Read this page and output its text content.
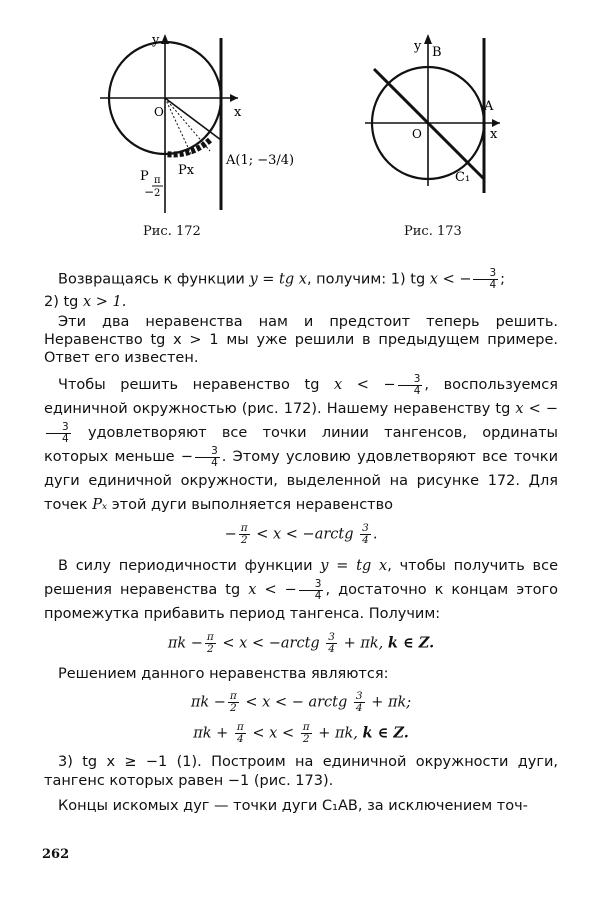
y
x
O
A(1; −3/4)
Px
P π
− 2
Рис. 172
y B
A
x
O
C₁
Рис. 173

Возвращаясь к функции y = tg x, получим: 1) tg x < − $\frac{3}{4}$ ;
2) tg x > 1.

Эти два неравенства нам и предстоит теперь решить. Неравенство tg x > 1 мы уже решили в предыдущем примере. Ответ его известен.

Чтобы решить неравенство tg x < − $\frac{3}{4}$ , воспользуемся единичной окружностью (рис. 172). Нашему неравенству tg x < −
$\frac{3}{4}$ удовлетворяют все точки линии тангенсов, ординаты которых меньше − $\frac{3}{4}$ . Этому условию удовлетворяют все точки дуги единичной окружности, выделенной на рисунке 172. Для точек Pₓ этой дуги выполняется неравенство

− $\frac{\pi}{2} < x$ < −arctg $\frac{3}{4}$ .

В силу периодичности функции y = tg x, чтобы получить все решения неравенства tg x < − $\frac{3}{4}$ , достаточно к концам этого промежутка прибавить период тангенса. Получим:

$\pi k - \frac{\pi}{2} < x$ < −arctg $\frac{3}{4} + \pi k$, k ∈ Z.

Решением данного неравенства являются:

$\pi k - \frac{\pi}{2} < x$ < − arctg $\frac{3}{4} + \pi k$;
$\pi k + \frac{\pi}{4} < x < \frac{\pi}{2} + \pi k$, k ∈ Z.

3) tg x ≥ −1 (1). Построим на единичной окружности дуги, тангенс которых равен −1 (рис. 173).

Концы искомых дуг — точки дуги C₁AB, за исключением точ-

262
